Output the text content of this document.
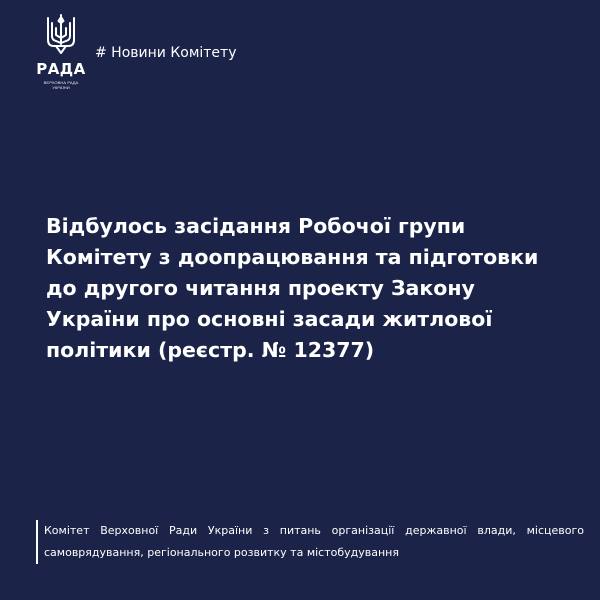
РАДА
ВЕРХОВНА РАДА
УКРАЇНИ
# Новини Комітету

Відбулось засідання Робочої групи Комітету з доопрацювання та підготовки до другого читання проекту Закону України про основні засади житлової політики (реєстр. № 12377)

Комітет Верховної Ради України з питань організації державної влади, місцевого самоврядування, регіонального розвитку та містобудування
